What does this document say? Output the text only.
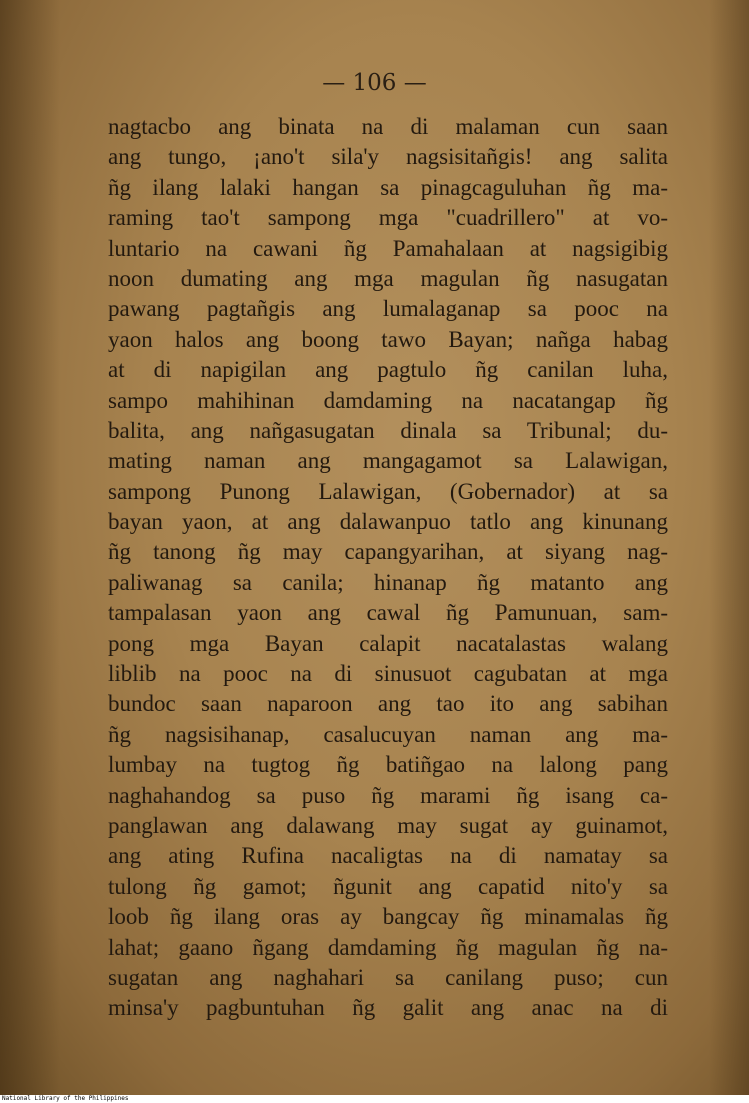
— 106 —
nagtacbo ang binata na di malaman cun saan
ang tungo, ¡ano't sila'y nagsisitañgis! ang salita
ñg ilang lalaki hangan sa pinagcaguluhan ñg ma-
raming tao't sampong mga "cuadrillero" at vo-
luntario na cawani ñg Pamahalaan at nagsigibig
noon dumating ang mga magulan ñg nasugatan
pawang pagtañgis ang lumalaganap sa pooc na
yaon halos ang boong tawo Bayan; nañga habag
at di napigilan ang pagtulo ñg canilan luha,
sampo mahihinan damdaming na nacatangap ñg
balita, ang nañgasugatan dinala sa Tribunal; du-
mating naman ang mangagamot sa Lalawigan,
sampong Punong Lalawigan, (Gobernador) at sa
bayan yaon, at ang dalawanpuo tatlo ang kinunang
ñg tanong ñg may capangyarihan, at siyang nag-
paliwanag sa canila; hinanap ñg matanto ang
tampalasan yaon ang cawal ñg Pamunuan, sam-
pong mga Bayan calapit nacatalastas walang
liblib na pooc na di sinusuot cagubatan at mga
bundoc saan naparoon ang tao ito ang sabihan
ñg nagsisihanap, casalucuyan naman ang ma-
lumbay na tugtog ñg batiñgao na lalong pang
naghahandog sa puso ñg marami ñg isang ca-
panglawan ang dalawang may sugat ay guinamot,
ang ating Rufina nacaligtas na di namatay sa
tulong ñg gamot; ñgunit ang capatid nito'y sa
loob ñg ilang oras ay bangcay ñg minamalas ñg
lahat; gaano ñgang damdaming ñg magulan ñg na-
sugatan ang naghahari sa canilang puso; cun
minsa'y pagbuntuhan ñg galit ang anac na di
National Library of the Philippines
